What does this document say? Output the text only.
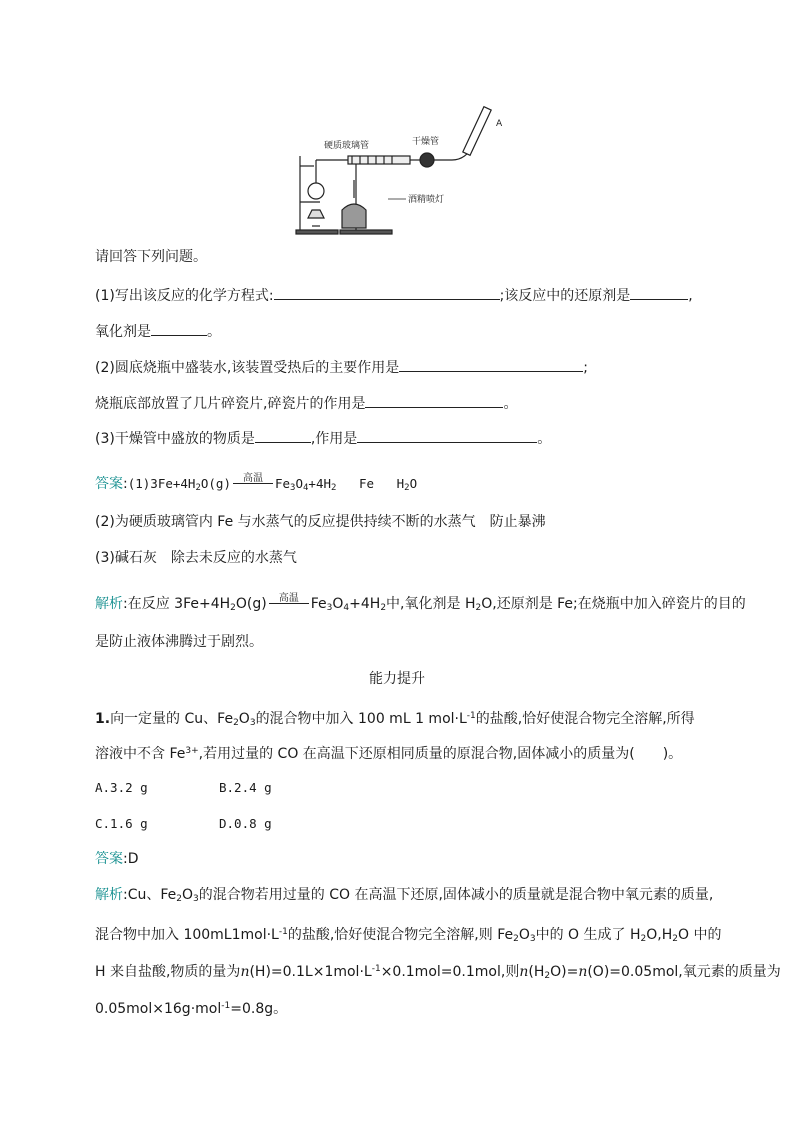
硬质玻璃管	干燥管
酒精喷灯
A
请回答下列问题。
(1)写出该反应的化学方程式:	;该反应中的还原剂是	,
氧化剂是	。
(2)圆底烧瓶中盛装水,该装置受热后的主要作用是	;
烧瓶底部放置了几片碎瓷片,碎瓷片的作用是	。
(3)干燥管中盛放的物质是	,作用是	。
答案$:(1)3Fe+4H_2O(g)$	高温 $Fe_3O_4+4H_2$ Fe $H_2O$
(2)为硬质玻璃管内 Fe 与水蒸气的反应提供持续不断的水蒸气　防止暴沸
(3)碱石灰　除去未反应的水蒸气
解析:在反应 $3Fe+4H_2O(g)$	高温 $Fe_3O_4+4H_2$中,氧化剂是 $H_2O$,还原剂是 Fe;在烧瓶中加入碎瓷片的目的
是防止液体沸腾过于剧烈。
能力提升
1.向一定量的 Cu、$Fe_2O_3$的混合物中加入 100 mL 1 $mol\cdot L^{-1}$的盐酸,恰好使混合物完全溶解,所得
溶液中不含 $Fe^{3+}$,若用过量的 CO 在高温下还原相同质量的原混合物,固体减小的质量为(　　)。
A.3.2 g	B.2.4 g
C.1.6 g	D.0.8 g
答案:D
解析:Cu、$Fe_2O_3$的混合物若用过量的 CO 在高温下还原,固体减小的质量就是混合物中氧元素的质量,
混合物中加入 $100mL1mol\cdot L^{-1}$的盐酸,恰好使混合物完全溶解,则 $Fe_2O_3$中的 O 生成了 $H_2O,H_2O$ 中的
H 来自盐酸,物质的量为$n(H)=0.1L\times 1mol\cdot L^{-1}\times 0.1mol=0.1mol$,则$n(H_2O)=n(O)=0.05mol$,氧元素的质量为
0.05mol×16g·mol$^{-1}$=0.8g。
